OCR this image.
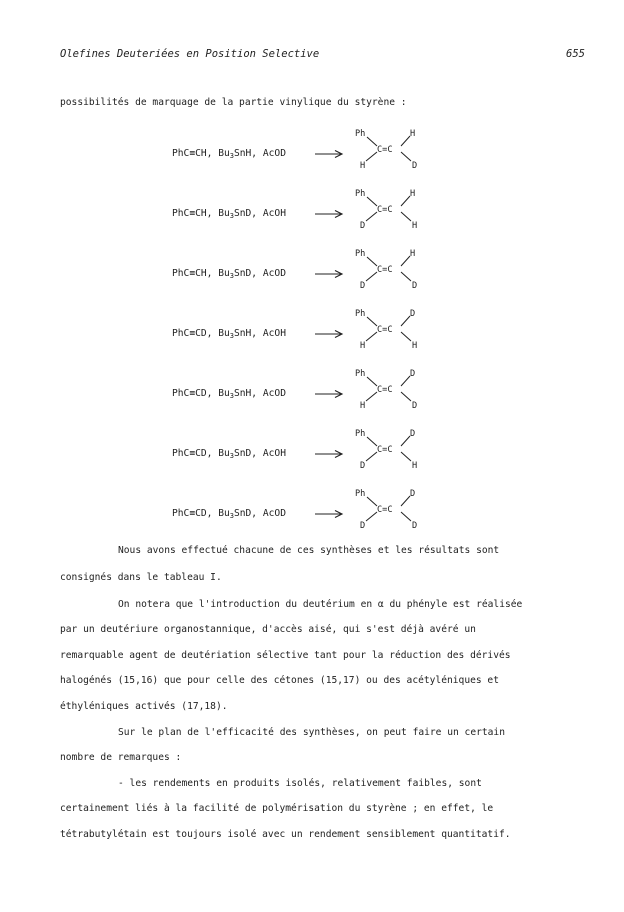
Olefines Deuteriées en Position Selective	655
possibilités de marquage de la partie vinylique du styrène :
PhC≡CH, $Bu_3SnH$, AcOD
Ph	H
H	D
C=C
PhC≡CH, $Bu_3SnD$, AcOH
Ph	H
D	H
C=C
PhC≡CH, $Bu_3SnD$, AcOD
Ph	H
D	D
C=C
PhC≡CD, $Bu_3SnH$, AcOH
Ph	D
H	H
C=C
PhC≡CD, $Bu_3SnH$, AcOD
Ph	D
H	D
C=C
PhC≡CD, $Bu_3SnD$, AcOH
Ph	D
D	H
C=C
PhC≡CD, $Bu_3SnD$, AcOD
Ph	D
D	D
C=C
Nous avons effectué chacune de ces synthèses et les résultats sont
consignés dans le tableau I.
On notera que l'introduction du deutérium en α du phényle est réalisée
par un deutériure organostannique, d'accès aisé, qui s'est déjà avéré un
remarquable agent de deutériation sélective tant pour la réduction des dérivés
halogénés (15,16) que pour celle des cétones (15,17) ou des acétyléniques et
éthyléniques activés (17,18).
Sur le plan de l'efficacité des synthèses, on peut faire un certain
nombre de remarques :
- les rendements en produits isolés, relativement faibles, sont
certainement liés à la facilité de polymérisation du styrène ; en effet, le
tétrabutylétain est toujours isolé avec un rendement sensiblement quantitatif.
